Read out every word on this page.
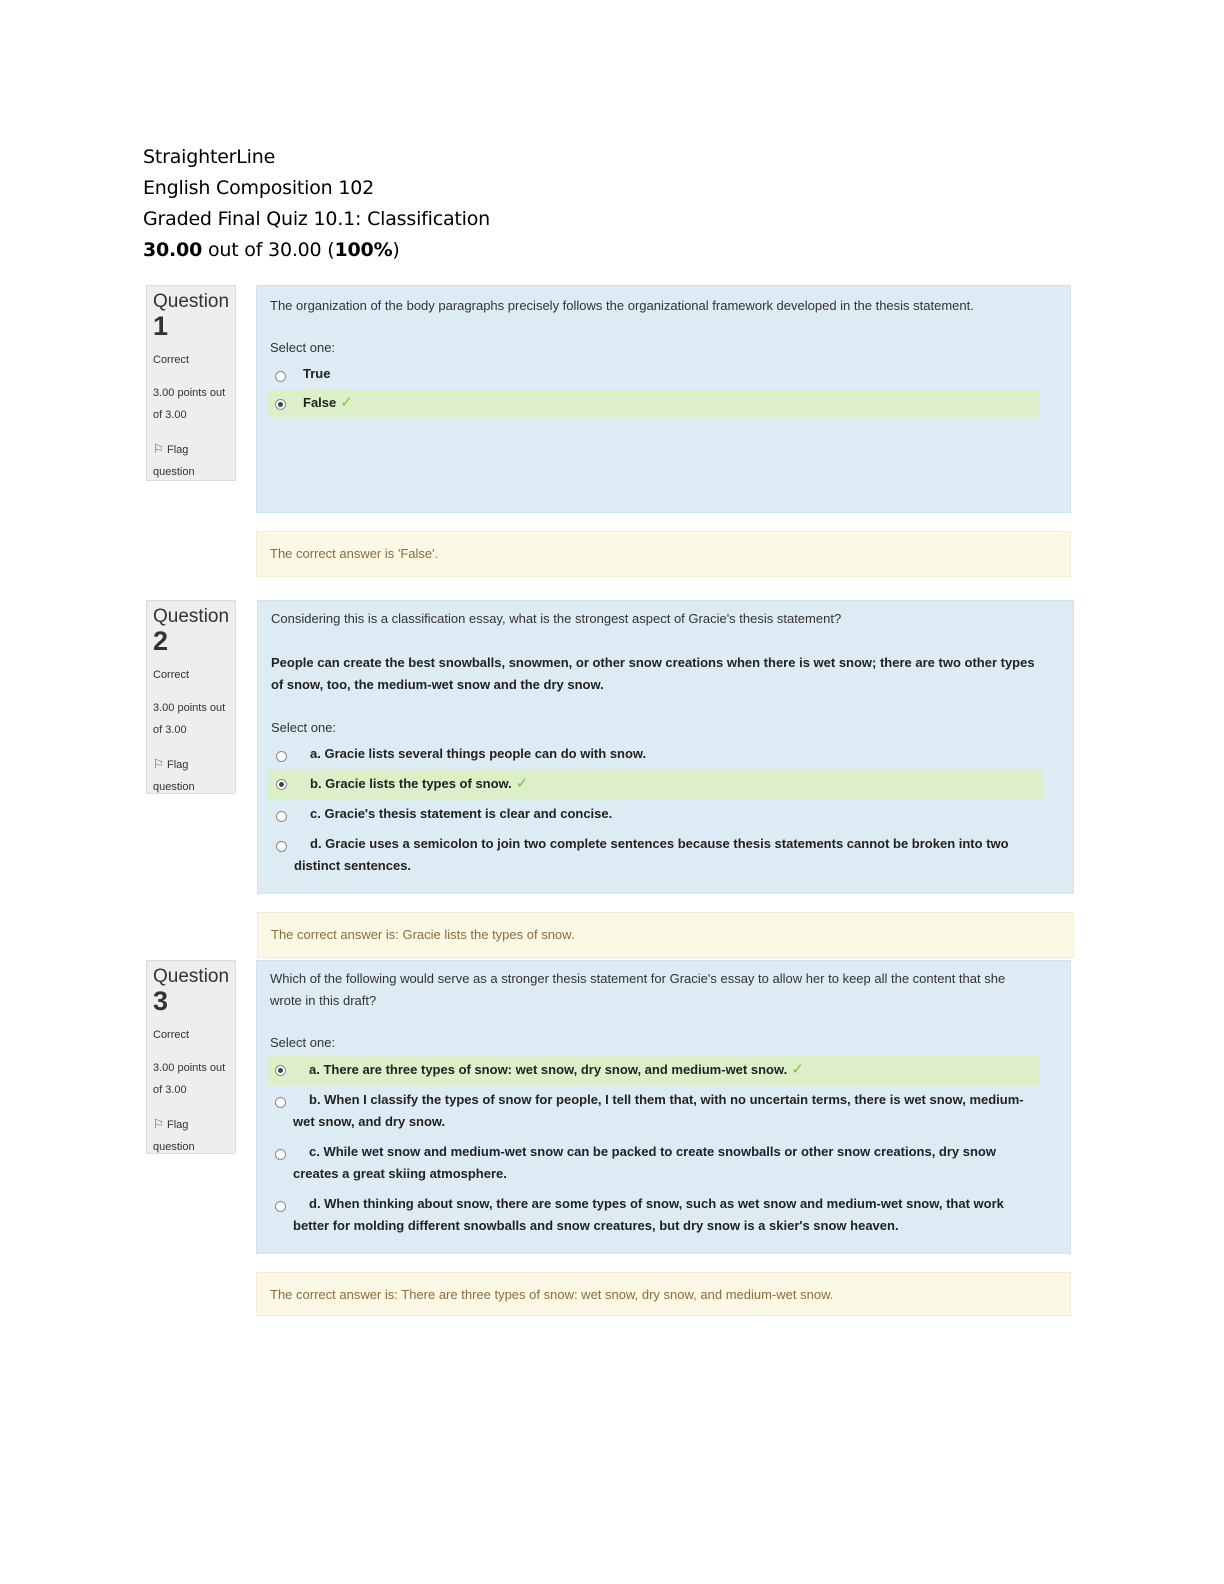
StraighterLine
English Composition 102
Graded Final Quiz 10.1: Classification
30.00 out of 30.00 (100%)
Question
1
Correct
3.00 points out
of 3.00
⚐ Flag
question
The organization of the body paragraphs precisely follows the organizational framework developed in the thesis statement.
Select one:
True
False ✓
The correct answer is 'False'.
Question
2
Correct
3.00 points out
of 3.00
⚐ Flag
question
Considering this is a classification essay, what is the strongest aspect of Gracie's thesis statement?
People can create the best snowballs, snowmen, or other snow creations when there is wet snow; there are two other types of snow, too, the medium-wet snow and the dry snow.
Select one:
a. Gracie lists several things people can do with snow.
b. Gracie lists the types of snow. ✓
c. Gracie's thesis statement is clear and concise.
d. Gracie uses a semicolon to join two complete sentences because thesis statements cannot be broken into two distinct sentences.
The correct answer is: Gracie lists the types of snow.
Question
3
Correct
3.00 points out
of 3.00
⚐ Flag
question
Which of the following would serve as a stronger thesis statement for Gracie's essay to allow her to keep all the content that she wrote in this draft?
Select one:
a. There are three types of snow: wet snow, dry snow, and medium-wet snow. ✓
b. When I classify the types of snow for people, I tell them that, with no uncertain terms, there is wet snow, medium-wet snow, and dry snow.
c. While wet snow and medium-wet snow can be packed to create snowballs or other snow creations, dry snow creates a great skiing atmosphere.
d. When thinking about snow, there are some types of snow, such as wet snow and medium-wet snow, that work better for molding different snowballs and snow creatures, but dry snow is a skier's snow heaven.
The correct answer is: There are three types of snow: wet snow, dry snow, and medium-wet snow.
